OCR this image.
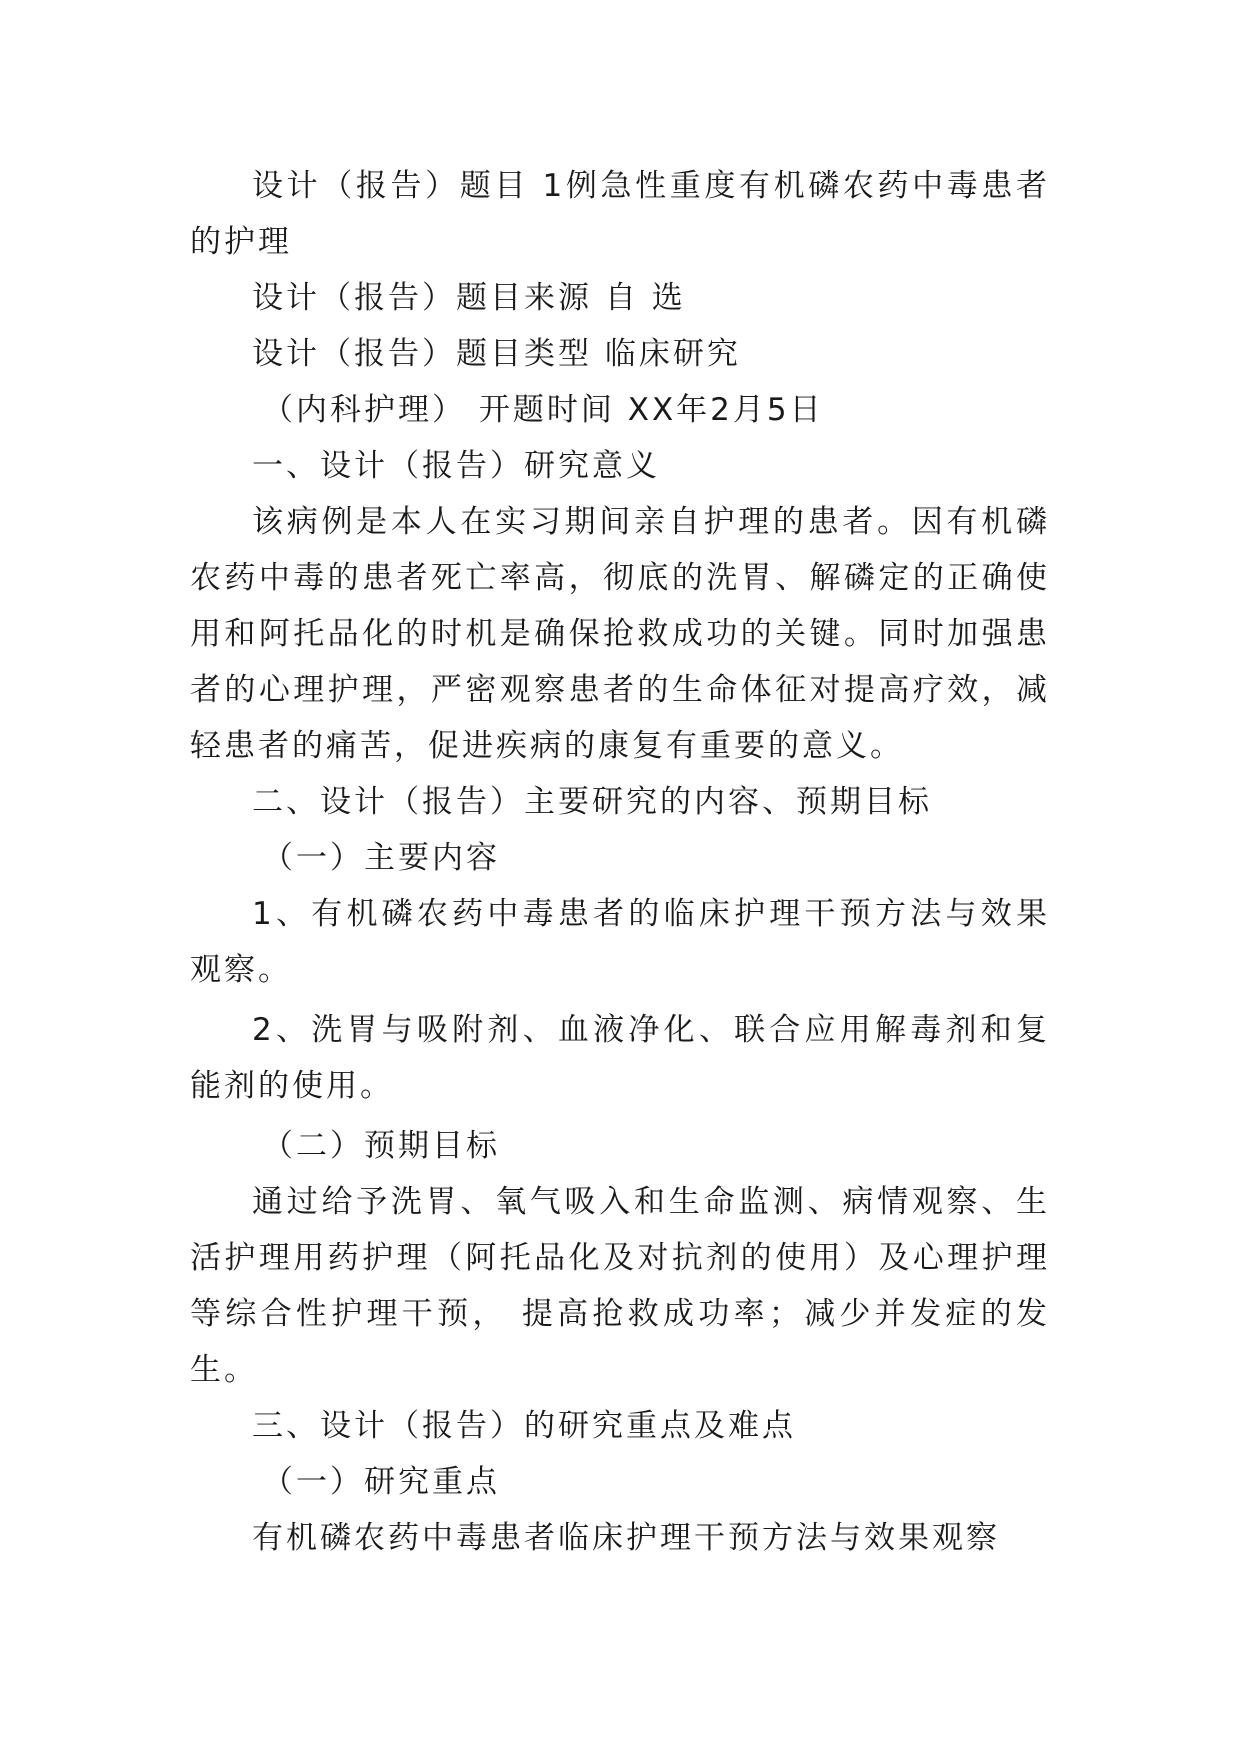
设计（报告）题目 1例急性重度有机磷农药中毒患者的护理

设计（报告）题目来源 自 选

设计（报告）题目类型 临床研究

（内科护理） 开题时间 XX年2月5日

一、设计（报告）研究意义

该病例是本人在实习期间亲自护理的患者。因有机磷农药中毒的患者死亡率高，彻底的洗胃、解磷定的正确使用和阿托品化的时机是确保抢救成功的关键。同时加强患者的心理护理，严密观察患者的生命体征对提高疗效，减轻患者的痛苦，促进疾病的康复有重要的意义。

二、设计（报告）主要研究的内容、预期目标

（一）主要内容

1、有机磷农药中毒患者的临床护理干预方法与效果观察。

2、洗胃与吸附剂、血液净化、联合应用解毒剂和复能剂的使用。

（二）预期目标

通过给予洗胃、氧气吸入和生命监测、病情观察、生活护理用药护理（阿托品化及对抗剂的使用）及心理护理等综合性护理干预， 提高抢救成功率；减少并发症的发生。

三、设计（报告）的研究重点及难点

（一）研究重点

有机磷农药中毒患者临床护理干预方法与效果观察
